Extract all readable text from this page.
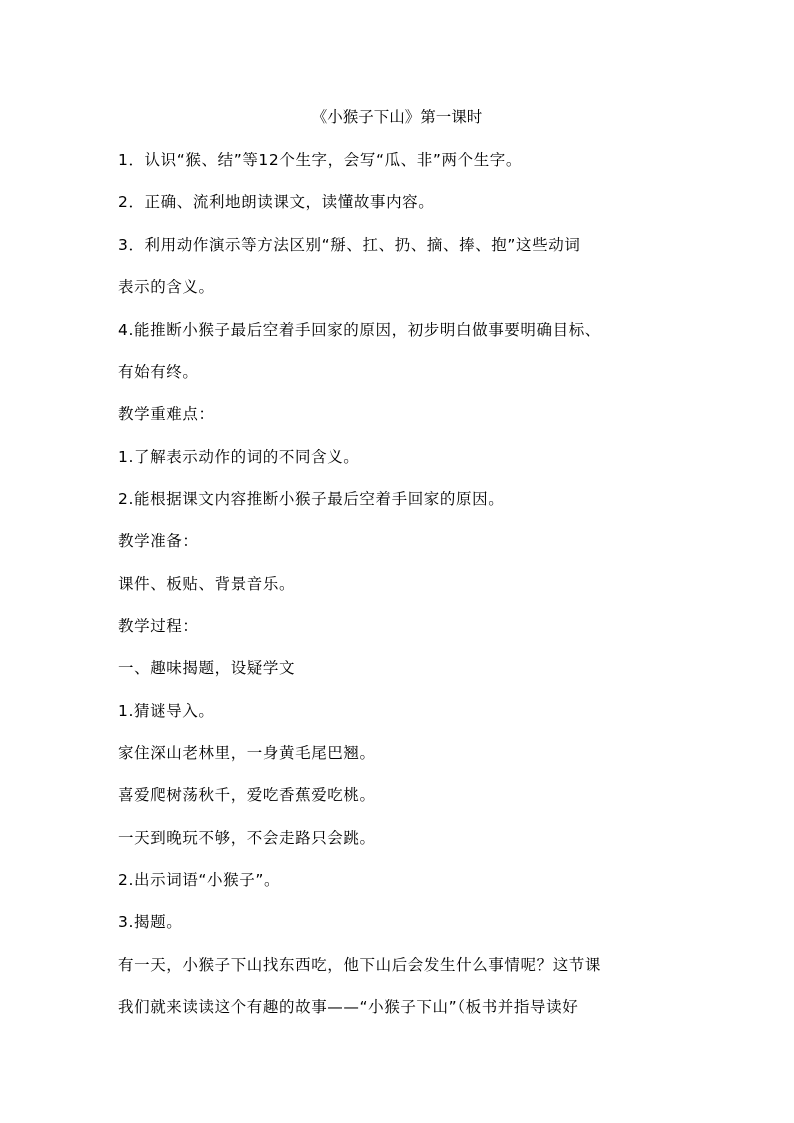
《小猴子下山》第一课时
1．认识“猴、结”等12个生字，会写“瓜、非”两个生字。
2．正确、流利地朗读课文，读懂故事内容。
3．利用动作演示等方法区别“掰、扛、扔、摘、捧、抱”这些动词
表示的含义。
4.能推断小猴子最后空着手回家的原因，初步明白做事要明确目标、
有始有终。
教学重难点：
1.了解表示动作的词的不同含义。
2.能根据课文内容推断小猴子最后空着手回家的原因。
教学准备：
课件、板贴、背景音乐。
教学过程：
一、趣味揭题，设疑学文
1.猜谜导入。
家住深山老林里，一身黄毛尾巴翘。
喜爱爬树荡秋千，爱吃香蕉爱吃桃。
一天到晚玩不够，不会走路只会跳。
2.出示词语“小猴子”。
3.揭题。
有一天，小猴子下山找东西吃，他下山后会发生什么事情呢？这节课
我们就来读读这个有趣的故事——“小猴子下山”（板书并指导读好
